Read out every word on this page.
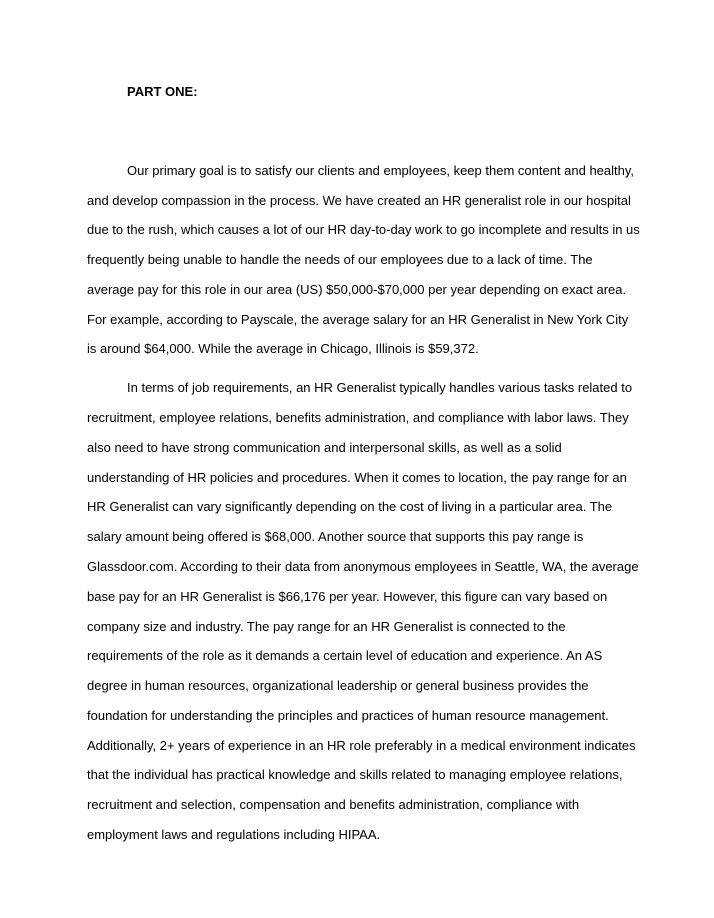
PART ONE:

Our primary goal is to satisfy our clients and employees, keep them content and healthy,

and develop compassion in the process. We have created an HR generalist role in our hospital

due to the rush, which causes a lot of our HR day-to-day work to go incomplete and results in us

frequently being unable to handle the needs of our employees due to a lack of time. The

average pay for this role in our area (US) $50,000-$70,000 per year depending on exact area.

For example, according to Payscale, the average salary for an HR Generalist in New York City

is around $64,000. While the average in Chicago, Illinois is $59,372.

In terms of job requirements, an HR Generalist typically handles various tasks related to

recruitment, employee relations, benefits administration, and compliance with labor laws. They

also need to have strong communication and interpersonal skills, as well as a solid

understanding of HR policies and procedures. When it comes to location, the pay range for an

HR Generalist can vary significantly depending on the cost of living in a particular area. The

salary amount being offered is $68,000. Another source that supports this pay range is

Glassdoor.com. According to their data from anonymous employees in Seattle, WA, the average

base pay for an HR Generalist is $66,176 per year. However, this figure can vary based on

company size and industry. The pay range for an HR Generalist is connected to the

requirements of the role as it demands a certain level of education and experience. An AS

degree in human resources, organizational leadership or general business provides the

foundation for understanding the principles and practices of human resource management.

Additionally, 2+ years of experience in an HR role preferably in a medical environment indicates

that the individual has practical knowledge and skills related to managing employee relations,

recruitment and selection, compensation and benefits administration, compliance with

employment laws and regulations including HIPAA.
